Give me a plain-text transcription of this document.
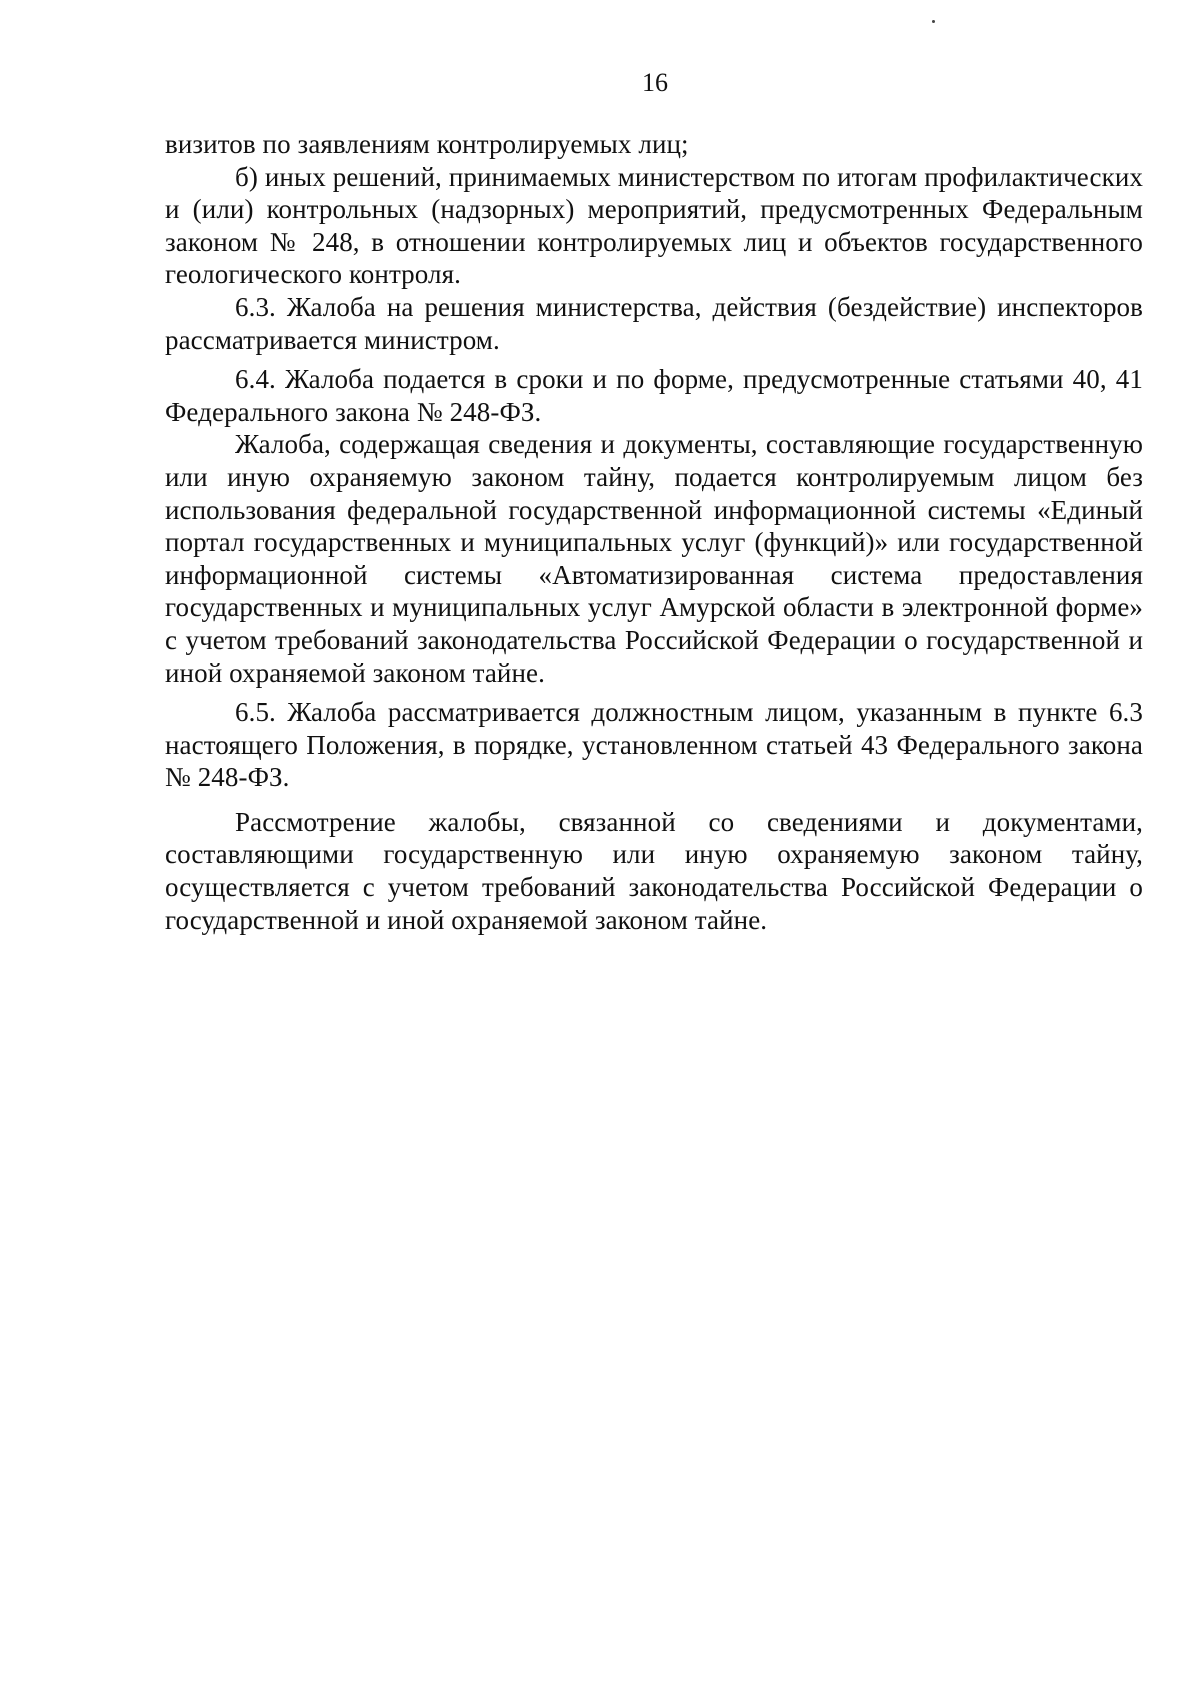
16

визитов по заявлениям контролируемых лиц;

б) иных решений, принимаемых министерством по итогам профилактических и (или) контрольных (надзорных) мероприятий, предусмотренных Федеральным законом № 248, в отношении контролируемых лиц и объектов государственного геологического контроля.

6.3. Жалоба на решения министерства, действия (бездействие) инспекторов рассматривается министром.

6.4. Жалоба подается в сроки и по форме, предусмотренные статьями 40, 41 Федерального закона № 248-ФЗ.

Жалоба, содержащая сведения и документы, составляющие государственную или иную охраняемую законом тайну, подается контролируемым лицом без использования федеральной государственной информационной системы «Единый портал государственных и муниципальных услуг (функций)» или государственной информационной системы «Автоматизированная система предоставления государственных и муниципальных услуг Амурской области в электронной форме» с учетом требований законодательства Российской Федерации о государственной и иной охраняемой законом тайне.

6.5. Жалоба рассматривается должностным лицом, указанным в пункте 6.3 настоящего Положения, в порядке, установленном статьей 43 Федерального закона № 248-ФЗ.

Рассмотрение жалобы, связанной со сведениями и документами, составляющими государственную или иную охраняемую законом тайну, осуществляется с учетом требований законодательства Российской Федерации о государственной и иной охраняемой законом тайне.
